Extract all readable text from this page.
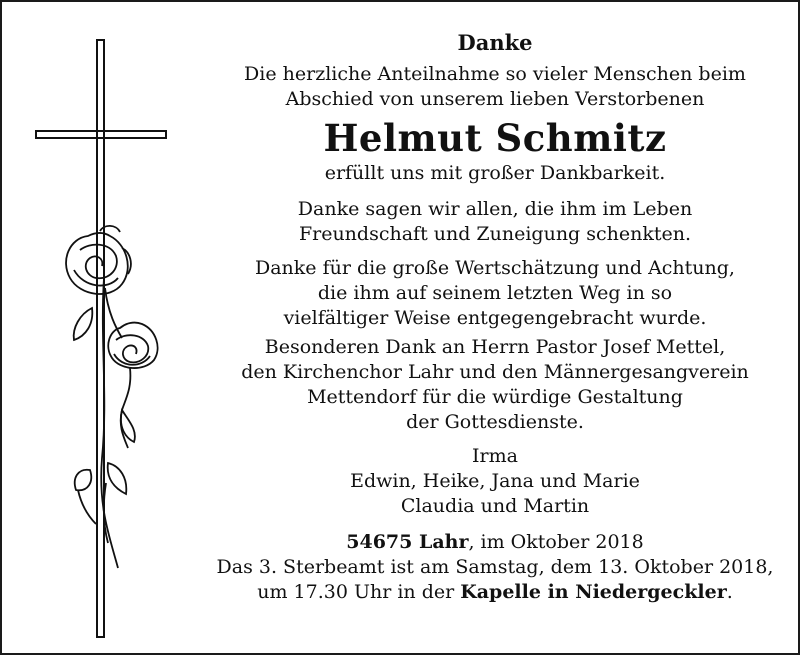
Danke
Die herzliche Anteilnahme so vieler Menschen beim
Abschied von unserem lieben Verstorbenen
Helmut Schmitz
erfüllt uns mit großer Dankbarkeit.
Danke sagen wir allen, die ihm im Leben
Freundschaft und Zuneigung schenkten.
Danke für die große Wertschätzung und Achtung,
die ihm auf seinem letzten Weg in so
vielfältiger Weise entgegengebracht wurde.
Besonderen Dank an Herrn Pastor Josef Mettel,
den Kirchenchor Lahr und den Männergesangverein
Mettendorf für die würdige Gestaltung
der Gottesdienste.
Irma
Edwin, Heike, Jana und Marie
Claudia und Martin
54675 Lahr, im Oktober 2018
Das 3. Sterbeamt ist am Samstag, dem 13. Oktober 2018,
um 17.30 Uhr in der Kapelle in Niedergeckler.
